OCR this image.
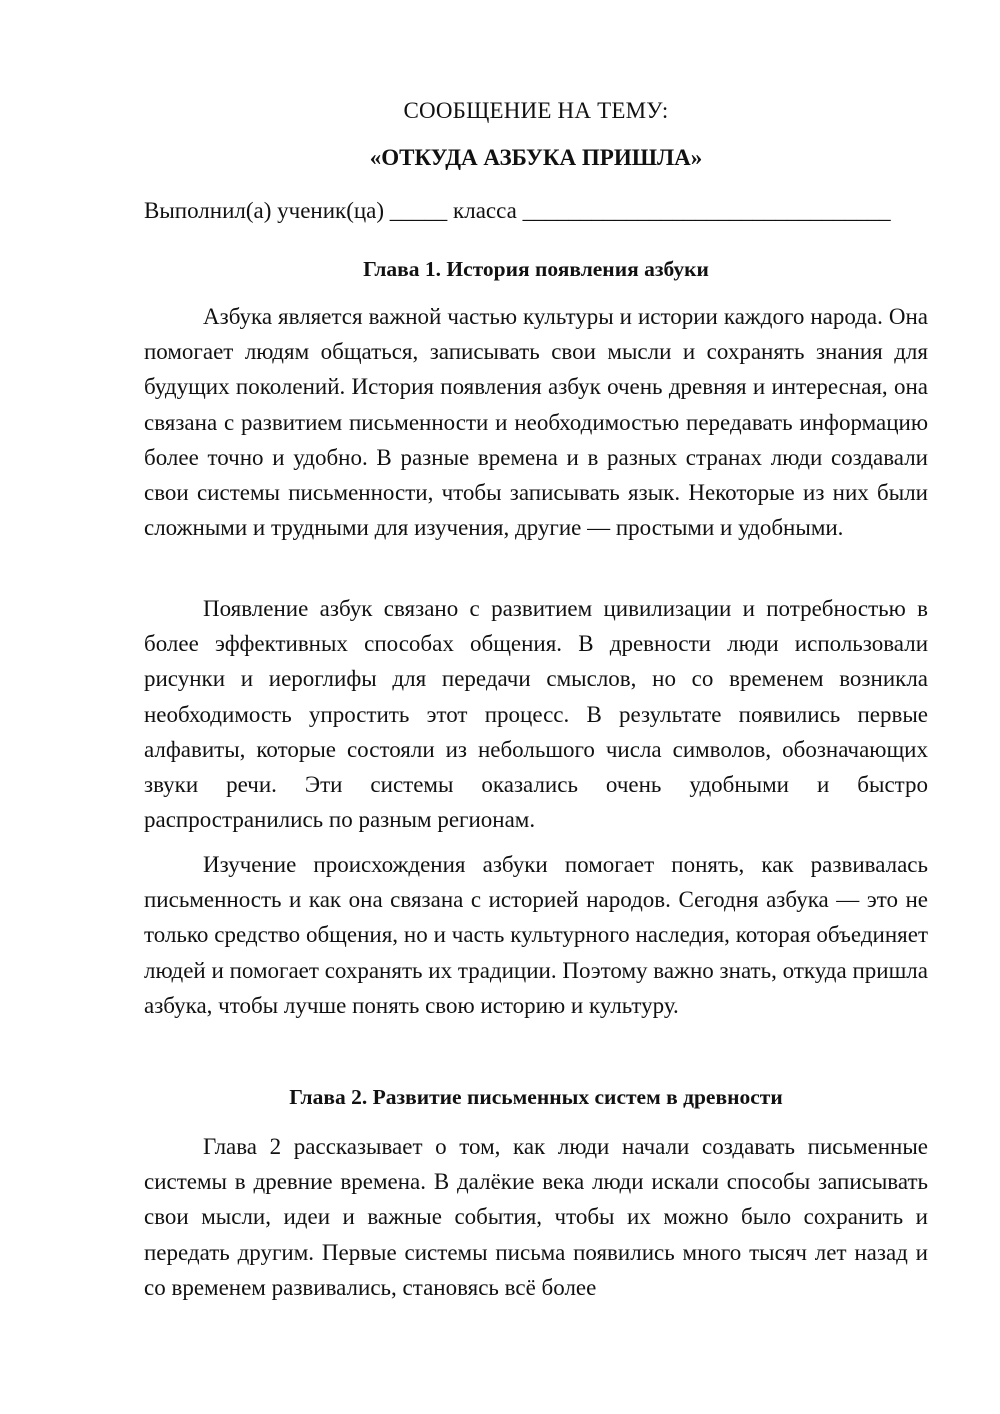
СООБЩЕНИЕ НА ТЕМУ:
«ОТКУДА АЗБУКА ПРИШЛА»
Выполнил(а) ученик(ца) _____ класса ________________________________
Глава 1. История появления азбуки

Азбука является важной частью культуры и истории каждого народа. Она помогает людям общаться, записывать свои мысли и сохранять знания для будущих поколений. История появления азбук очень древняя и интересная, она связана с развитием письменности и необходимостью передавать информацию более точно и удобно. В разные времена и в разных странах люди создавали свои системы письменности, чтобы записывать язык. Некоторые из них были сложными и трудными для изучения, другие — простыми и удобными.

Появление азбук связано с развитием цивилизации и потребностью в более эффективных способах общения. В древности люди использовали рисунки и иероглифы для передачи смыслов, но со временем возникла необходимость упростить этот процесс. В результате появились первые алфавиты, которые состояли из небольшого числа символов, обозначающих звуки речи. Эти системы оказались очень удобными и быстро распространились по разным регионам.

Изучение происхождения азбуки помогает понять, как развивалась письменность и как она связана с историей народов. Сегодня азбука — это не только средство общения, но и часть культурного наследия, которая объединяет людей и помогает сохранять их традиции. Поэтому важно знать, откуда пришла азбука, чтобы лучше понять свою историю и культуру.

Глава 2. Развитие письменных систем в древности

Глава 2 рассказывает о том, как люди начали создавать письменные системы в древние времена. В далёкие века люди искали способы записывать свои мысли, идеи и важные события, чтобы их можно было сохранить и передать другим. Первые системы письма появились много тысяч лет назад и со временем развивались, становясь всё более
